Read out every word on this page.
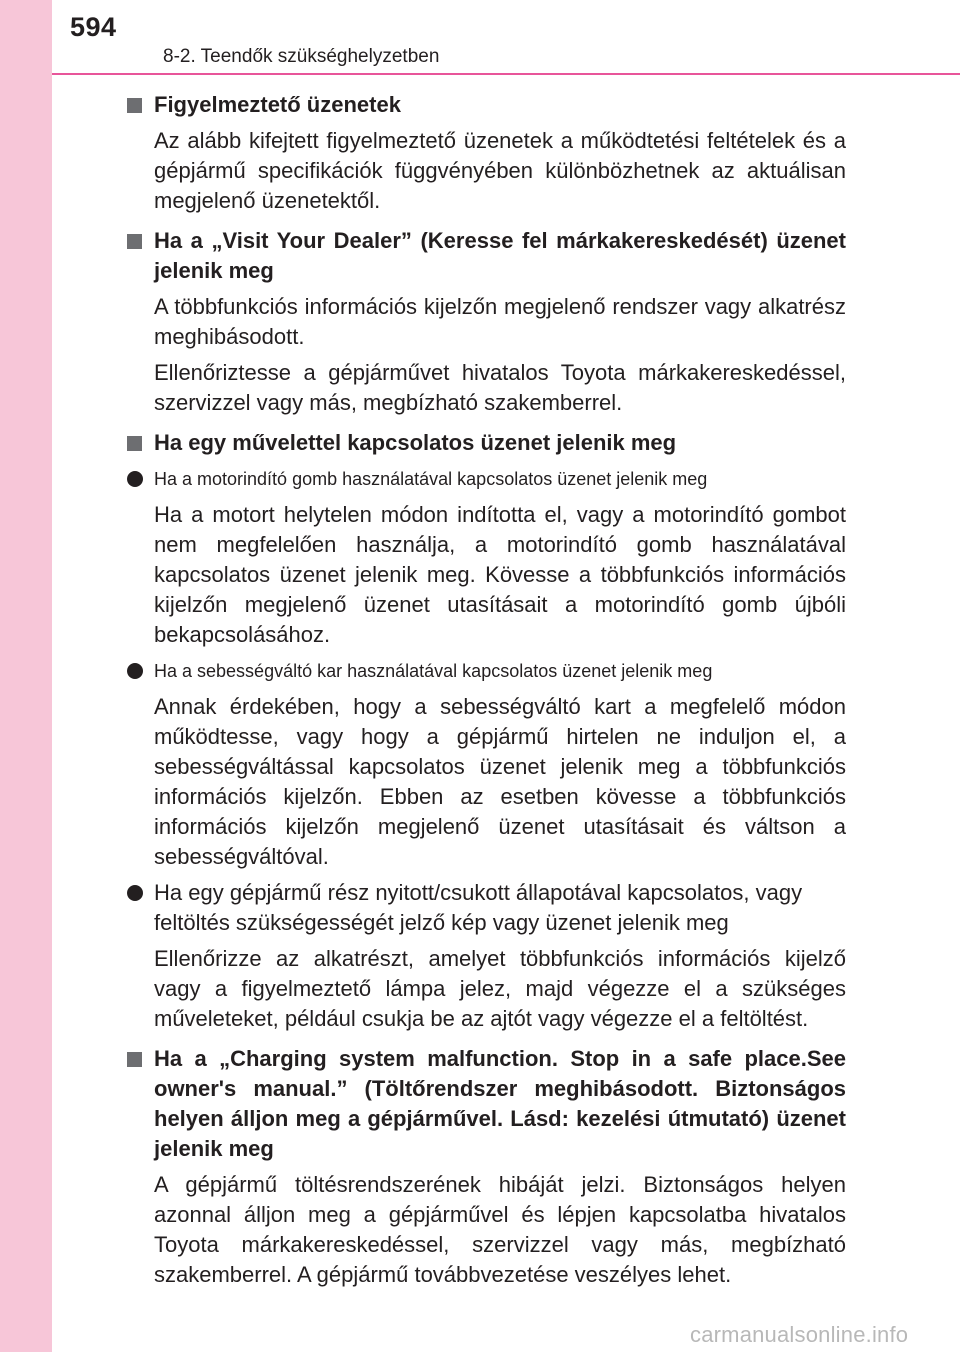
594
8-2. Teendők szükséghelyzetben
Figyelmeztető üzenetek
Az alább kifejtett figyelmeztető üzenetek a működtetési feltételek és a gépjármű specifikációk függvényében különbözhetnek az aktuálisan megjelenő üzenetektől.
Ha a „Visit Your Dealer” (Keresse fel márkakereskedését) üzenet jelenik meg
A többfunkciós információs kijelzőn megjelenő rendszer vagy alkatrész meghibásodott.
Ellenőriztesse a gépjárművet hivatalos Toyota márkakereskedéssel, szervizzel vagy más, megbízható szakemberrel.
Ha egy művelettel kapcsolatos üzenet jelenik meg
Ha a motorindító gomb használatával kapcsolatos üzenet jelenik meg
Ha a motort helytelen módon indította el, vagy a motorindító gombot nem megfelelően használja, a motorindító gomb használatával kapcsolatos üzenet jelenik meg. Kövesse a többfunkciós információs kijelzőn megjelenő üzenet utasításait a motorindító gomb újbóli bekapcsolásához.
Ha a sebességváltó kar használatával kapcsolatos üzenet jelenik meg
Annak érdekében, hogy a sebességváltó kart a megfelelő módon működtesse, vagy hogy a gépjármű hirtelen ne induljon el, a sebességváltással kapcsolatos üzenet jelenik meg a többfunkciós információs kijelzőn. Ebben az esetben kövesse a többfunkciós információs kijelzőn megjelenő üzenet utasításait és váltson a sebességváltóval.
Ha egy gépjármű rész nyitott/csukott állapotával kapcsolatos, vagy feltöltés szükségességét jelző kép vagy üzenet jelenik meg
Ellenőrizze az alkatrészt, amelyet többfunkciós információs kijelző vagy a figyelmeztető lámpa jelez, majd végezze el a szükséges műveleteket, például csukja be az ajtót vagy végezze el a feltöltést.
Ha a „Charging system malfunction. Stop in a safe place.See owner's manual.” (Töltőrendszer meghibásodott. Biztonságos helyen álljon meg a gépjárművel. Lásd: kezelési útmutató) üzenet jelenik meg
A gépjármű töltésrendszerének hibáját jelzi. Biztonságos helyen azonnal álljon meg a gépjárművel és lépjen kapcsolatba hivatalos Toyota márkakereskedéssel, szervizzel vagy más, megbízható szakemberrel. A gépjármű továbbvezetése veszélyes lehet.
carmanualsonline.info
